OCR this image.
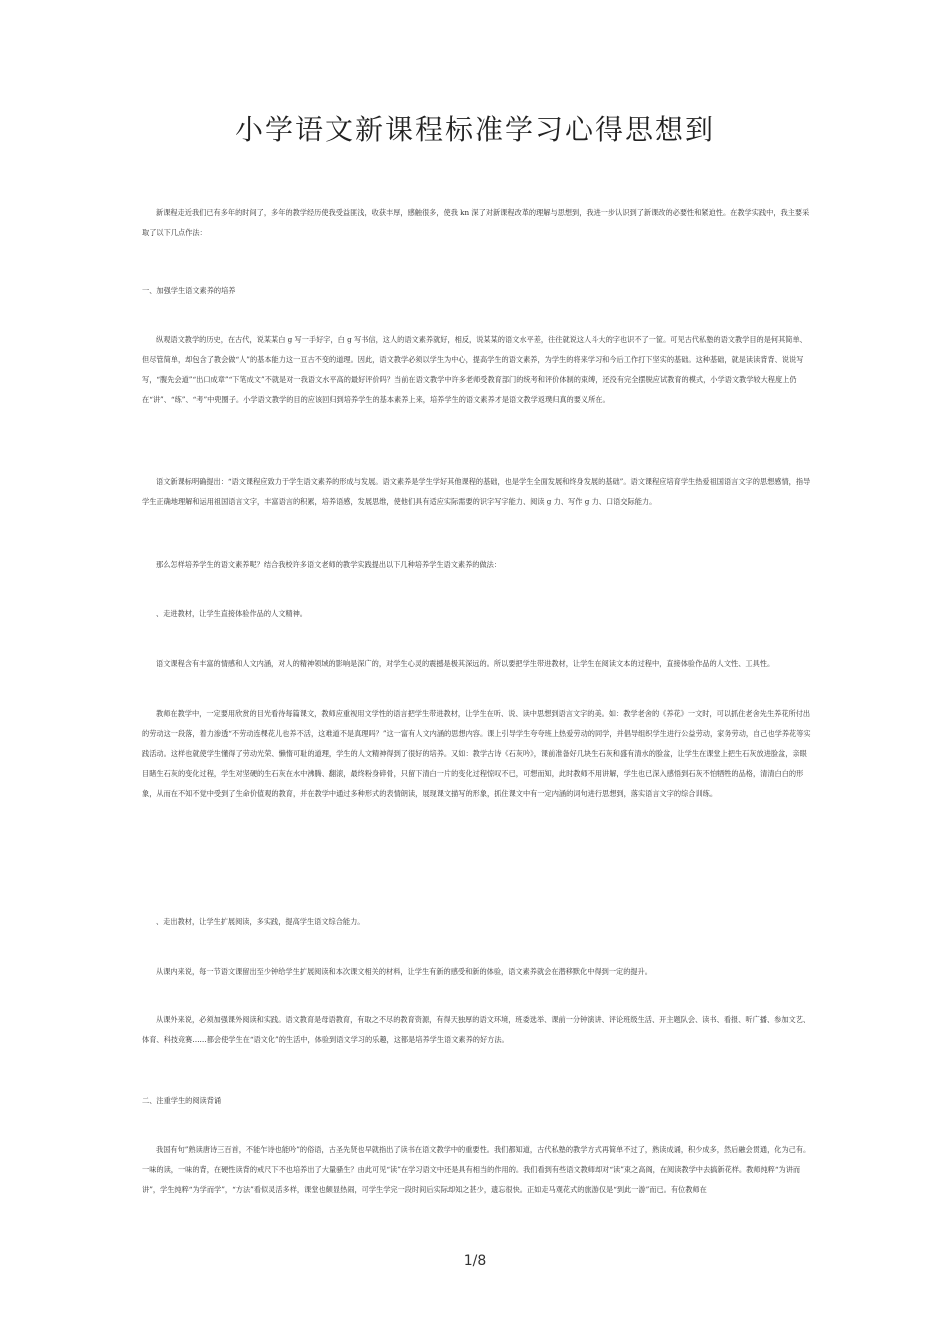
小学语文新课程标准学习心得思想到
新课程走近我们已有多年的时间了，多年的教学经历使我受益匪浅，收获丰厚，感触很多，使我 kn 深了对新课程改革的理解与思想到，我进一步认识到了新课改的必要性和紧迫性。在教学实践中，我主要采取了以下几点作法：
一、加强学生语文素养的培养
纵观语文教学的历史，在古代，说某某白 g 写一手好字，白 g 写书信，这人的语文素养就好，相反，说某某的语文水平差，往往就说这人斗大的字也识不了一筐。可见古代私塾的语文教学目的是何其简单、但尽管简单，却包含了教会做“人”的基本能力这一亘古不变的道理。因此，语文教学必须以学生为中心，提高学生的语文素养，为学生的将来学习和今后工作打下坚实的基础。这种基础，就是读读背背、说说写写，“腹先会道”“出口成章”“下笔成文”不就是对一我语文水平高的最好评价吗？当前在语文教学中许多老师受教育部门的统考和评价体制的束缚，还没有完全摆脱应试教育的模式，小学语文教学较大程度上仍在“讲”、“练”、“考”中兜圈子。小学语文教学的目的应该回归到培养学生的基本素养上来，培养学生的语文素养才是语文教学返璞归真的要义所在。
语文新课标明确提出：“语文课程应致力于学生语文素养的形成与发展。语文素养是学生学好其他课程的基础，也是学生全面发展和终身发展的基础”。语文课程应培育学生热爱祖国语言文字的思想感情，指导学生正确地理解和运用祖国语言文字，丰富语言的积累，培养语感，发展思维，使他们具有适应实际需要的识字写字能力、阅读 g 力、写作 g 力、口语交际能力。
那么怎样培养学生的语文素养呢？结合我校许多语文老师的教学实践提出以下几种培养学生语文素养的做法：
、走进教材，让学生直接体验作品的人文精神。
语文课程含有丰富的情感和人文内涵，对人的精神领域的影响是深广的，对学生心灵的震撼是极其深远的。所以要把学生带进教材，让学生在阅读文本的过程中，直接体验作品的人文性、工具性。
教师在教学中，一定要用欣赏的目光看待每篇课文，教师应重视用文学性的语言把学生带进教材，让学生在听、说、读中思想到语言文字的美。如：教学老舍的《养花》一文时，可以抓住老舍先生养花所付出的劳动这一段落，着力渗透“不劳动连棵花儿也养不活，这难道不是真理吗？”这一富有人文内涵的思想内容。课上引导学生夸夸班上热爱劳动的同学，并倡导组织学生进行公益劳动，家务劳动，自己也学养花等实践活动。这样也就使学生懂得了劳动光荣、懒惰可耻的道理，学生的人文精神得到了很好的培养。又如：教学古诗《石灰吟》，课前准备好几块生石灰和盛有清水的脸盆，让学生在课堂上把生石灰放进脸盆，亲眼目睹生石灰的变化过程，学生对坚硬的生石灰在水中沸腾、翻滚，最终粉身碎骨，只留下清白一片的变化过程惊叹不已，可想而知，此时教师不用讲解，学生也已深入感悟到石灰不怕牺牲的品格，清清白白的形象，从而在不知不觉中受到了生命价值观的教育，并在教学中通过多种形式的表情朗读，展现课文描写的形象，抓住课文中有一定内涵的词句进行思想到，落实语言文字的综合训练。
、走出教材，让学生扩展阅读，多实践，提高学生语文综合能力。
从课内来说，每一节语文课留出至少钟给学生扩展阅读和本次课文相关的材料，让学生有新的感受和新的体验，语文素养就会在潜移默化中得到一定的提升。
从课外来说，必须加强课外阅读和实践。语文教育是母语教育，有取之不尽的教育资源，有得天独厚的语文环境，班委选举、课前一分钟演讲、评论班级生活、开主题队会、读书、看报、听广播、参加文艺、体育、科技竞赛……都会使学生在“语文化”的生活中，体验到语文学习的乐趣，这都是培养学生语文素养的好方法。
二、注重学生的阅读背诵
我国有句”熟读唐诗三百首，不能乍诗也能吟”的俗语，古圣先贤也早就指出了读书在语文教学中的重要性。我们都知道，古代私塾的教学方式再简单不过了，熟读成诵，积少成多，然后融会贯通，化为己有。一味的读，一味的背，在硬性读背的戒尺下不也培养出了大量骚生？由此可见“读”在学习语文中还是具有相当的作用的。我们看到有些语文教师却对“读”束之高阁，在阅读教学中去搞新花样。教师纯粹“为讲而讲”，学生纯粹“为学而学”，“方法”看似灵活多样，课堂也颇显热闹，可学生学完一段时间后实际却知之甚少，遗忘很快。正如走马观花式的旅游仅是“到此一游”而已。有位教师在
1/8
